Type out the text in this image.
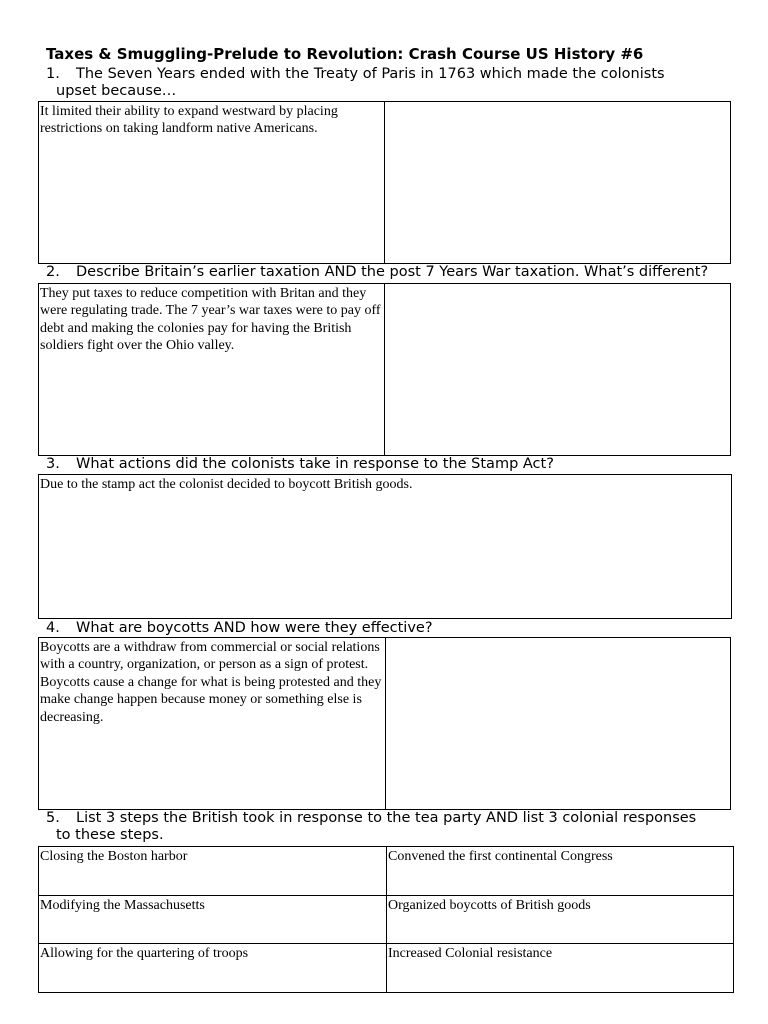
Taxes & Smuggling-Prelude to Revolution: Crash Course US History #6
1. The Seven Years ended with the Treaty of Paris in 1763 which made the colonists
upset because…
It limited their ability to expand westward by placing restrictions on taking landform native Americans.
2. Describe Britain’s earlier taxation AND the post 7 Years War taxation. What’s different?
They put taxes to reduce competition with Britan and they were regulating trade. The 7 year’s war taxes were to pay off debt and making the colonies pay for having the British soldiers fight over the Ohio valley.
3. What actions did the colonists take in response to the Stamp Act?
Due to the stamp act the colonist decided to boycott British goods.
4. What are boycotts AND how were they effective?
Boycotts are a withdraw from commercial or social relations with a country, organization, or person as a sign of protest. Boycotts cause a change for what is being protested and they make change happen because money or something else is decreasing.
5. List 3 steps the British took in response to the tea party AND list 3 colonial responses
to these steps.
Closing the Boston harbor	Convened the first continental Congress
Modifying the Massachusetts	Organized boycotts of British goods
Allowing for the quartering of troops	Increased Colonial resistance
